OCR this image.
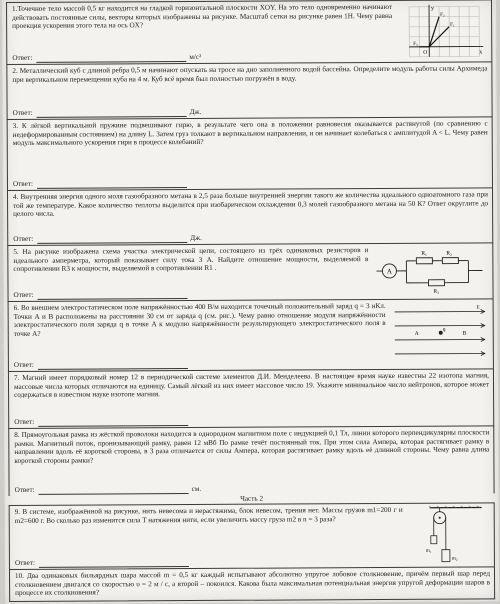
1.Точечное тело массой 0,5 кг находится на гладкой горизонтальной плоскости XOY. На это тело одновременно начинают действовать постоянные силы, векторы которых изображены на рисунке. Масштаб сетки на рисунке равен 1Н. Чему равна проекция ускорения этого тела на ось OX?

Ответ:	м/с²
y
x
O
F₁
F₂
F₃

2. Металлический куб с длиной ребра 0,5 м начинают опускать на тросе на дно заполненного водой бассейна. Определите модуль работы силы Архимеда при вертикальном перемещении куба на 4 м. Куб всё время был полностью погружён в воду.

Ответ:	Дж.

3. К лёгкой вертикальной пружине подвешивают гирю, в результате чего она в положении равновесия оказывается растянутой (по сравнению с недеформированным состоянием) на длину L. Затем груз толкают в вертикальном направлении, и он начинает колебаться с амплитудой A < L. Чему равен модуль максимального ускорения гири в процессе колебаний?

Ответ:

4. Внутренняя энергия одного моля газообразного метана в 2,5 раза больше внутренней энергии такого же количества идеального одноатомного газа при той же температуре. Какое количество теплоты выделится при изобарическом охлаждении 0,3 молей газообразного метана на 50 К? Ответ округлите до целого числа.

Ответ:	Дж.

5. На рисунке изображена схема участка электрической цепи, состоящего из трёх одинаковых резисторов и идеального амперметра, который показывает силу тока 3 А. Найдите отношение мощности, выделяемой в сопротивлении R3 к мощности, выделяемой в сопротивлении R1 .

Ответ:
A
R₁	R₂
R₃

6. Во внешнем электростатическом поле напряжённостью 400 В/м находится точечный положительный заряд q = 3 нКл. Точки A и B расположены на расстоянии 30 см от заряда q (см. рис.). Чему равно отношение модуля напряжённости электростатического поля заряда q в точке A к модулю напряжённости результирующего электростатического поля в точке A?

Ответ:
q
A	B
E

7. Магний имеет порядковый номер 12 в периодической системе элементов Д.И. Менделеева. В настоящее время науке известны 22 изотопа магния, массовые числа которых отличаются на единицу. Самый лёгкий из них имеет массовое число 19. Укажите минимальное число нейтронов, которое может содержаться в известном науке изотопе магния.

Ответ:

8. Прямоугольная рамка из жёсткой проволоки находится в однородном магнитном поле с индукцией 0,1 Тл, линии которого перпендикулярны плоскости рамки. Магнитный поток, пронизывающий рамку, равен 12 мВб По рамке течёт постоянный ток. При этом сила Ампера, которая растягивает рамку в направлении вдоль её короткой стороны, в 3 раза отличается от силы Ампера, которая растягивает рамку вдоль её длинной стороны. Чему равна длина короткой стороны рамки?

Ответ:	см.
Часть 2

9. В системе, изображённой на рисунке, нить невесома и нерастяжима, блок невесом, трения нет. Массы грузов m1=200 г и m2=600 г. Во сколько раз изменится сила T натяжения нити, если увеличить массу груза m2 в n = 3 раза?

Ответ:
m₁
m₂

10. Два одинаковых бильярдных шара массой m = 0,5 кг каждый испытывают абсолютно упругое лобовое столкновение, причём первый шар перед столкновением двигался со скоростью υ = 2 м / с, а второй – покоился. Какова была максимальная потенциальная энергия упругой деформации шаров в процессе их столкновения?
